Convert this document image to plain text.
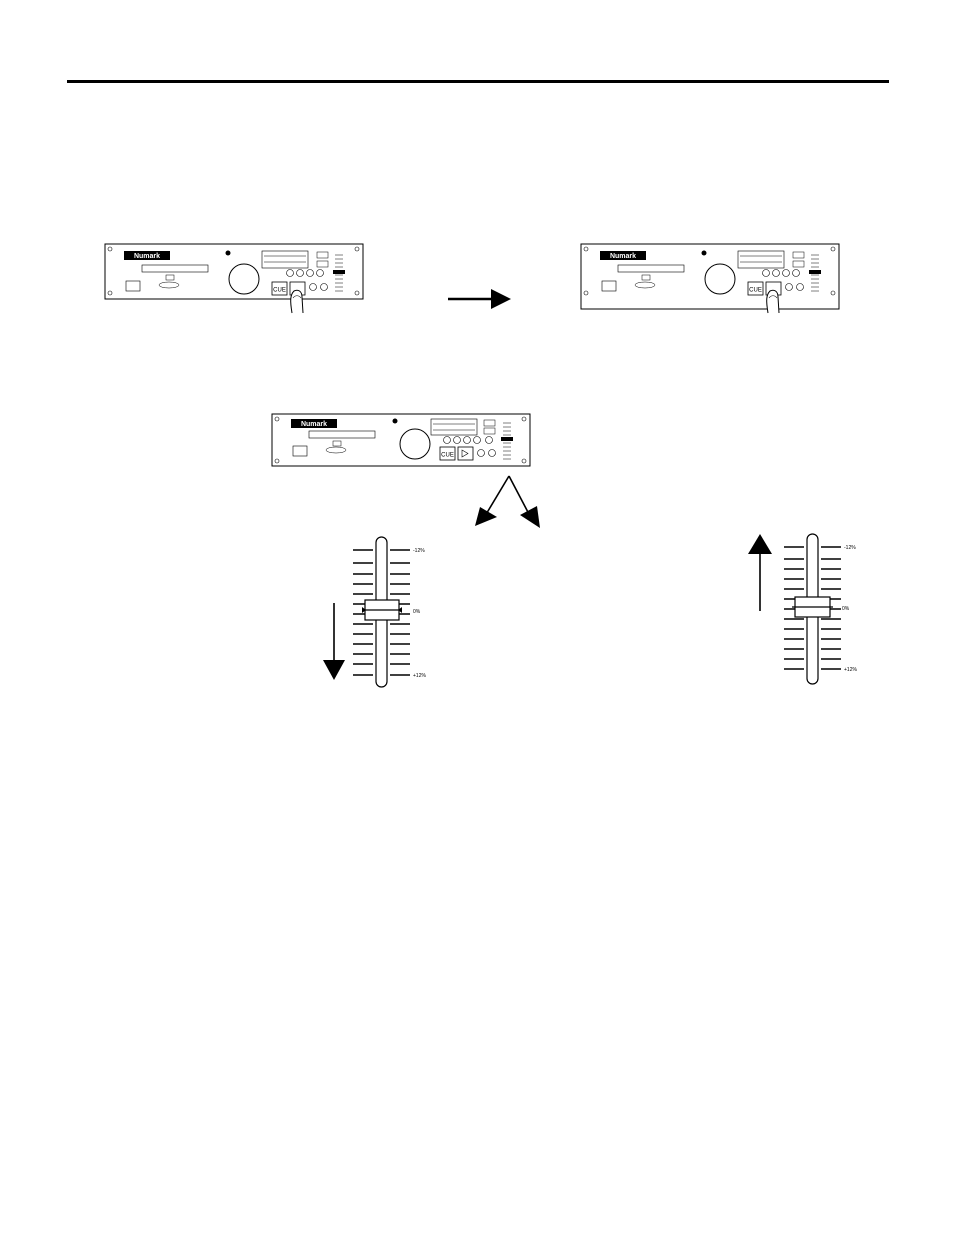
Numark
CUE
Numark
CUE
Numark
CUE
-12%
0%
+12%
-12%
0%
+12%
